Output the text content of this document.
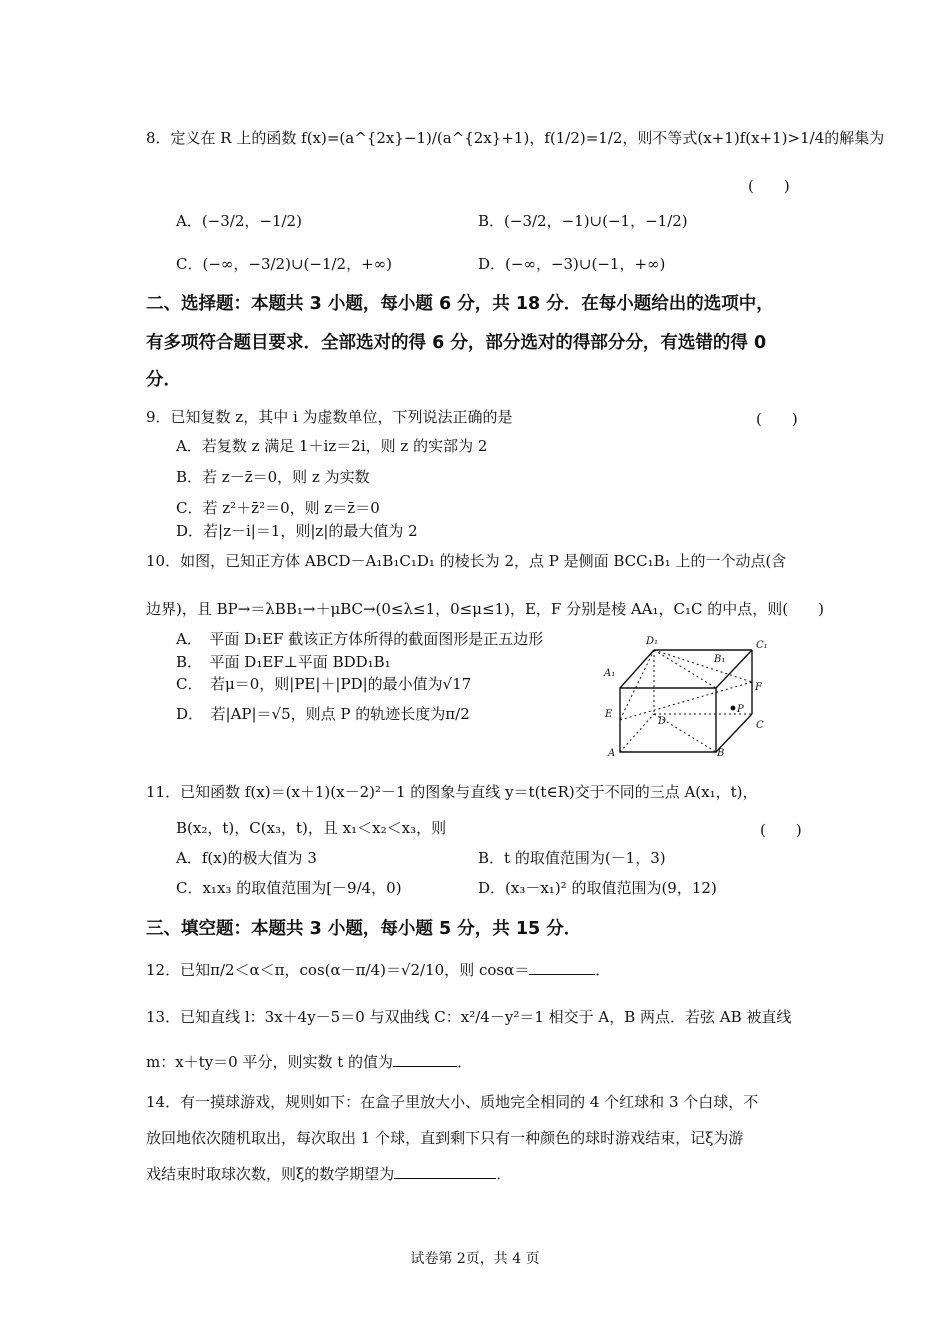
8．定义在 R 上的函数 f(x)=(a^{2x}−1)/(a^{2x}+1)，f(1/2)=1/2，则不等式(x+1)f(x+1)>1/4的解集为
(　　)
A．(−3/2，−1/2)	B．(−3/2，−1)∪(−1，−1/2)
C．(−∞，−3/2)∪(−1/2，+∞)	D．(−∞，−3)∪(−1，+∞)
二、选择题：本题共 3 小题，每小题 6 分，共 18 分．在每小题给出的选项中，
有多项符合题目要求．全部选对的得 6 分，部分选对的得部分分，有选错的得 0
分．
9．已知复数 z，其中 i 为虚数单位，下列说法正确的是	(　　)
A．若复数 z 满足 1＋iz＝2i，则 z 的实部为 2
B．若 z－z̄＝0，则 z 为实数
C．若 z²＋z̄²＝0，则 z＝z̄＝0
D．若|z－i|＝1，则|z|的最大值为 2
10．如图，已知正方体 ABCD－A₁B₁C₁D₁ 的棱长为 2，点 P 是侧面 BCC₁B₁ 上的一个动点(含
边界)，且 BP→＝λBB₁→＋μBC→(0≤λ≤1，0≤μ≤1)，E，F 分别是棱 AA₁，C₁C 的中点，则(　　)
A．　平面 D₁EF 截该正方体所得的截面图形是正五边形
B．　平面 D₁EF⊥平面 BDD₁B₁
C．　若μ＝0，则|PE|＋|PD|的最小值为√17
D．　若|AP|＝√5，则点 P 的轨迹长度为π/2
D₁	C₁
B₁
A₁
F
E	P
D	C
A	B
11．已知函数 f(x)＝(x＋1)(x－2)²－1 的图象与直线 y＝t(t∈R)交于不同的三点 A(x₁，t)，
B(x₂，t)，C(x₃，t)，且 x₁＜x₂＜x₃，则	(　　)
A．f(x)的极大值为 3	B．t 的取值范围为(－1，3)
C．x₁x₃ 的取值范围为[－9/4，0)	D．(x₃－x₁)² 的取值范围为(9，12)
三、填空题：本题共 3 小题，每小题 5 分，共 15 分．
12．已知π/2＜α＜π，cos(α－π/4)＝√2/10，则 cosα＝	．
13．已知直线 l：3x＋4y－5＝0 与双曲线 C：x²/4－y²＝1 相交于 A，B 两点．若弦 AB 被直线
m：x＋ty＝0 平分，则实数 t 的值为	．
14．有一摸球游戏，规则如下：在盒子里放大小、质地完全相同的 4 个红球和 3 个白球，不
放回地依次随机取出，每次取出 1 个球，直到剩下只有一种颜色的球时游戏结束，记ξ为游
戏结束时取球次数，则ξ的数学期望为	．
试卷第 2页，共 4 页
